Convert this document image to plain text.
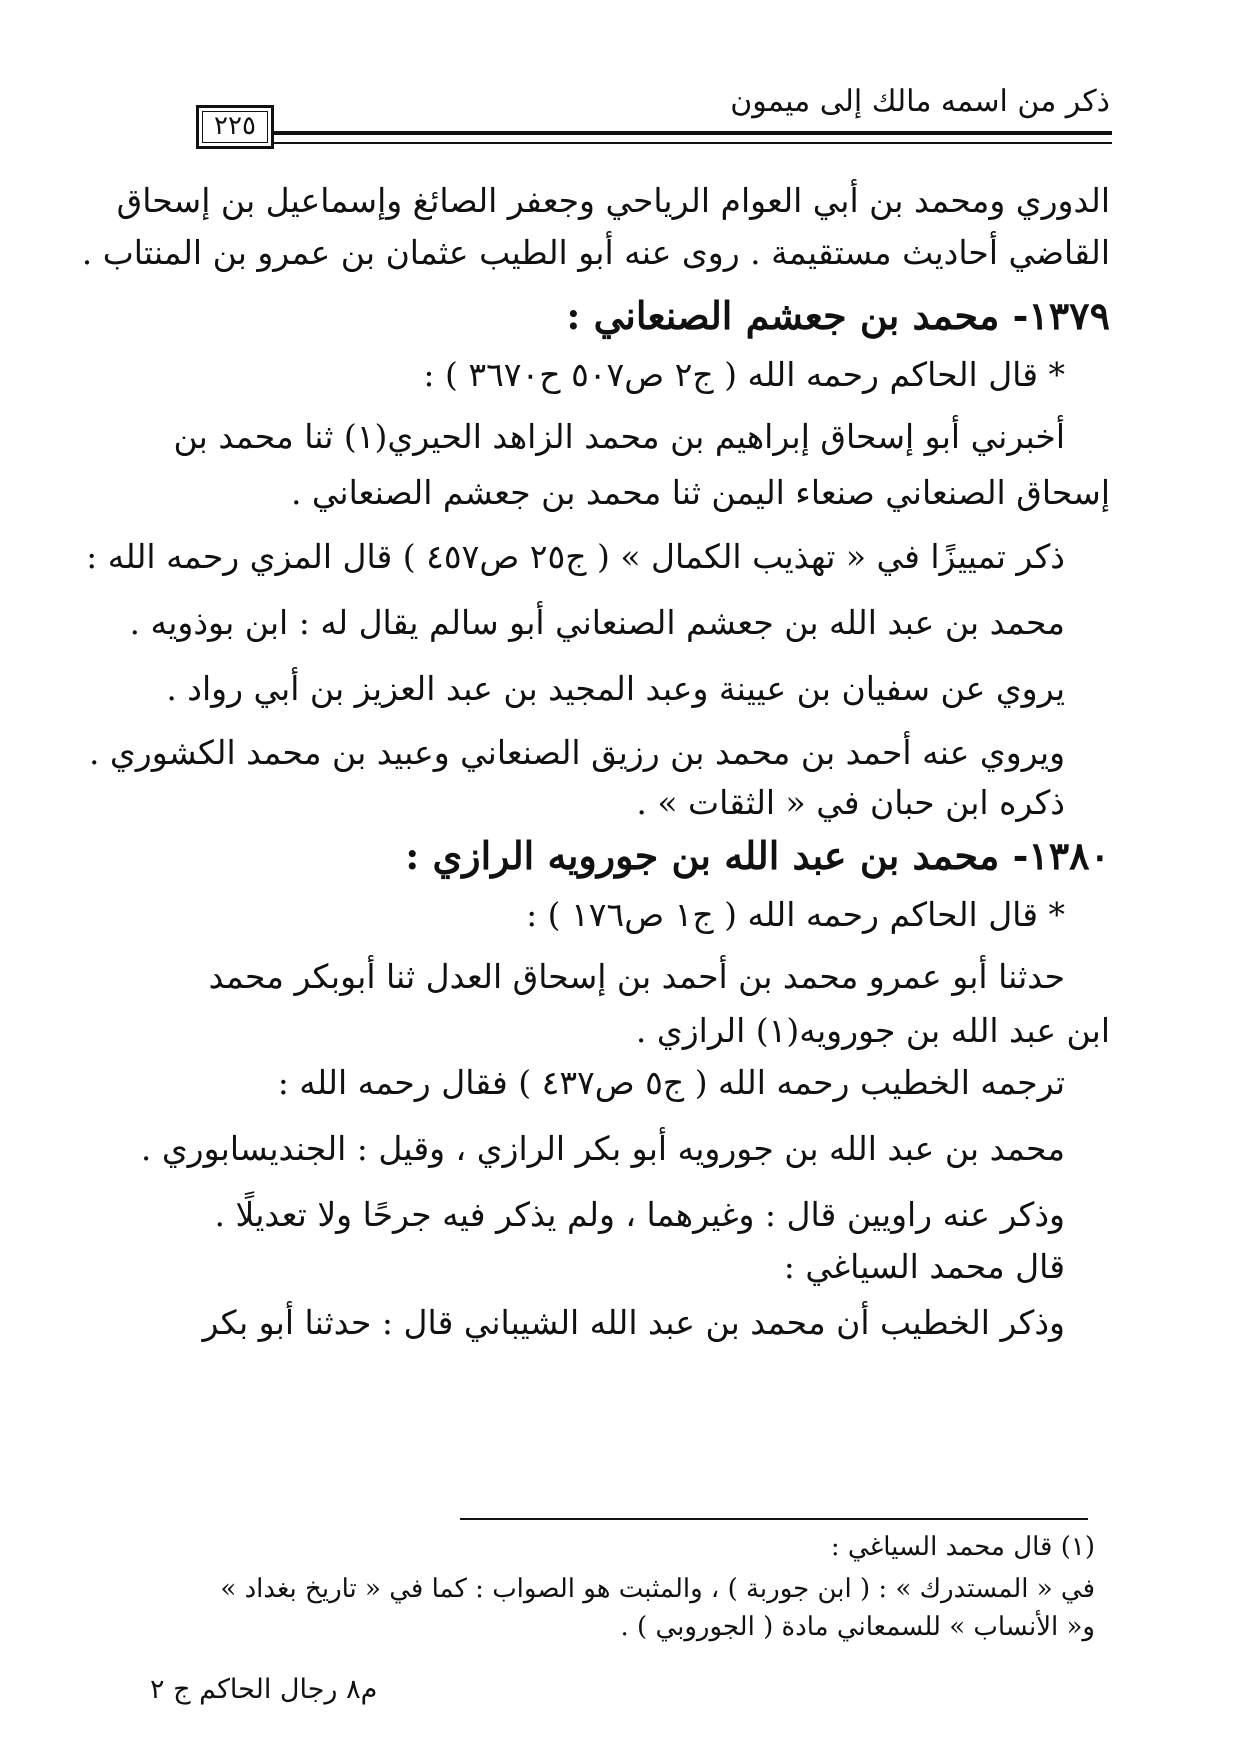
ذكر من اسمه مالك إلى ميمون
٢٢٥
الدوري ومحمد بن أبي العوام الرياحي وجعفر الصائغ وإسماعيل بن إسحاق
القاضي أحاديث مستقيمة . روى عنه أبو الطيب عثمان بن عمرو بن المنتاب .
١٣٧٩- محمد بن جعشم الصنعاني :
* قال الحاكم رحمه الله ( ج٢ ص٥٠٧ ح٣٦٧٠ ) :
أخبرني أبو إسحاق إبراهيم بن محمد الزاهد الحيري(١) ثنا محمد بن
إسحاق الصنعاني صنعاء اليمن ثنا محمد بن جعشم الصنعاني .
ذكر تمييزًا في « تهذيب الكمال » ( ج٢٥ ص٤٥٧ ) قال المزي رحمه الله :
محمد بن عبد الله بن جعشم الصنعاني أبو سالم يقال له : ابن بوذويه .
يروي عن سفيان بن عيينة وعبد المجيد بن عبد العزيز بن أبي رواد .
ويروي عنه أحمد بن محمد بن رزيق الصنعاني وعبيد بن محمد الكشوري .
ذكره ابن حبان في « الثقات » .
١٣٨٠- محمد بن عبد الله بن جورويه الرازي :
* قال الحاكم رحمه الله ( ج١ ص١٧٦ ) :
حدثنا أبو عمرو محمد بن أحمد بن إسحاق العدل ثنا أبوبكر محمد
ابن عبد الله بن جورويه(١) الرازي .
ترجمه الخطيب رحمه الله ( ج٥ ص٤٣٧ ) فقال رحمه الله :
محمد بن عبد الله بن جورويه أبو بكر الرازي ، وقيل : الجنديسابوري .
وذكر عنه راويين قال : وغيرهما ، ولم يذكر فيه جرحًا ولا تعديلًا .
قال محمد السياغي :
وذكر الخطيب أن محمد بن عبد الله الشيباني قال : حدثنا أبو بكر
(١) قال محمد السياغي :
في « المستدرك » : ( ابن جوربة ) ، والمثبت هو الصواب : كما في « تاريخ بغداد »
و« الأنساب » للسمعاني مادة ( الجوروبي ) .
م٨ رجال الحاكم ج ٢
